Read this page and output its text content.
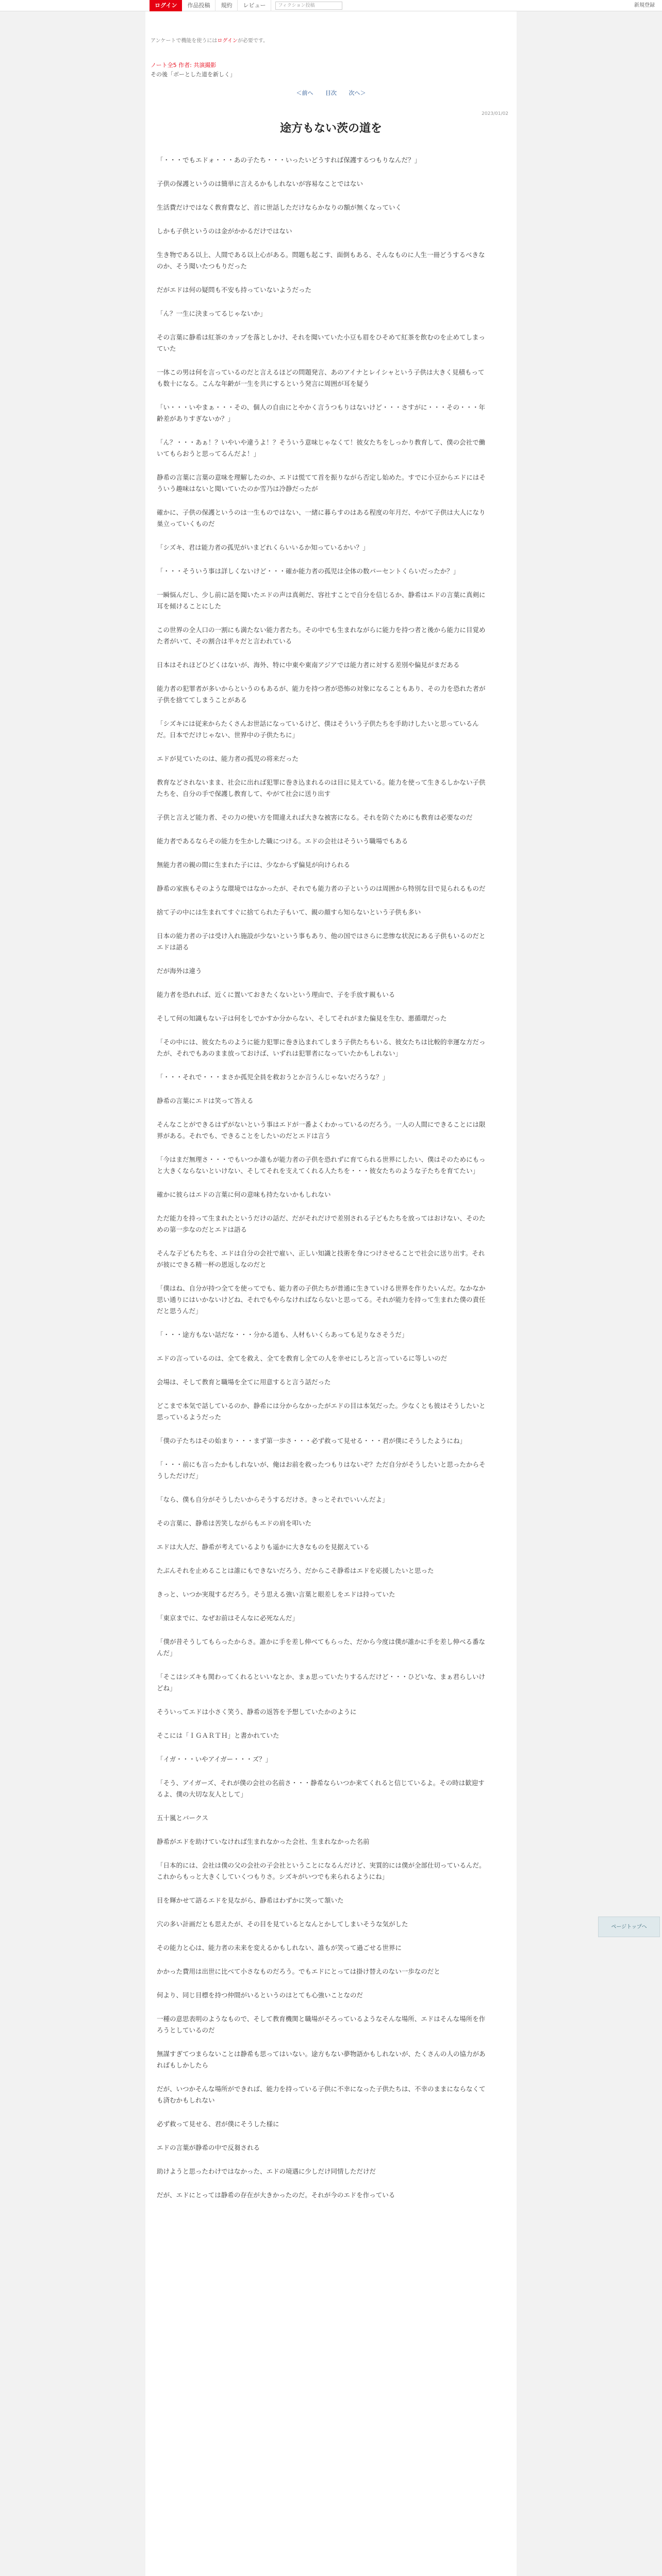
ログイン	作品投稿	規約	レビュー	フィクション投稿	新規登録
アンケートで機能を使うにはログインが必要です。
ノート全5 作者: 共演撮影
その後「ボーとした道を新しく」
＜前へ 目次 次へ＞
2023/01/02
途方もない茨の道を

「・・・でもエドォ・・・あの子たち・・・いったいどうすれば保護するつもりなんだ？」

子供の保護というのは簡単に言えるかもしれないが容易なことではない

生活費だけではなく教育費など、首に世話しただけならかなりの額が無くなっていく

しかも子供というのは金がかかるだけではない

生き物である以上、人間である以上心がある。問題も起こす、面倒もある、そんなものに人生一冊どうするべきなのか、そう聞いたつもりだった

だがエドは何の疑問も不安も持っていないようだった

「ん？一生に決まってるじゃないか」

その言葉に静希は紅茶のカップを落としかけ、それを聞いていた小豆も眉をひそめて紅茶を飲むのを止めてしまっていた

一体この男は何を言っているのだと言えるほどの問題発言、あのアイナとレイシャという子供は大きく見積もっても数十になる。こんな年齢が一生を共にするという発言に周囲が耳を疑う

「い・・・いやまぁ・・・その、個人の自由にとやかく言うつもりはないけど・・・さすがに・・・その・・・年齢差がありすぎないか？」

「ん？・・・あぁ！？いやいや違うよ！？そういう意味じゃなくて！彼女たちをしっかり教育して、僕の会社で働いてもらおうと思ってるんだよ！」

静希の言葉に言葉の意味を理解したのか、エドは慌てて首を振りながら否定し始めた。すでに小豆からエドにはそういう趣味はないと聞いていたのか雪乃は冷静だったが

確かに、子供の保護というのは一生ものではない、一緒に暮らすのはある程度の年月だ、やがて子供は大人になり巣立っていくものだ

「シズキ、君は能力者の孤児がいまどれくらいいるか知っているかい？」

「・・・そういう事は詳しくないけど・・・確か能力者の孤児は全体の数パーセントくらいだったか？」

一瞬悩んだし、少し前に話を聞いたエドの声は真剣だ、容社すことで自分を信じるか、静希はエドの言葉に真剣に耳を傾けることにした

この世界の全人口の一割にも満たない能力者たち。その中でも生まれながらに能力を持つ者と後から能力に目覚めた者がいて、その割合は半々だと言われている

日本はそれほどひどくはないが、海外、特に中東や東南アジアでは能力者に対する差別や偏見がまだある

能力者の犯罪者が多いからというのもあるが、能力を持つ者が恐怖の対象になることもあり、その力を恐れた者が子供を捨ててしまうことがある

「シズキには従来からたくさんお世話になっているけど、僕はそういう子供たちを手助けしたいと思っているんだ。日本でだけじゃない、世界中の子供たちに」

エドが見ていたのは、能力者の孤児の将来だった

教育などされないまま、社会に出れば犯罪に巻き込まれるのは目に見えている。能力を使って生きるしかない子供たちを、自分の手で保護し教育して、やがて社会に送り出す

子供と言えど能力者、その力の使い方を間違えれば大きな被害になる。それを防ぐためにも教育は必要なのだ

能力者であるならその能力を生かした職につける。エドの会社はそういう職場でもある

無能力者の親の間に生まれた子には、少なからず偏見が向けられる

静希の家族もそのような環境ではなかったが、それでも能力者の子というのは周囲から特別な目で見られるものだ

捨て子の中には生まれてすぐに捨てられた子もいて、親の顔すら知らないという子供も多い

日本の能力者の子は受け入れ施設が少ないという事もあり、他の国ではさらに悲惨な状況にある子供もいるのだとエドは語る

だが海外は違う

能力者を恐れれば、近くに置いておきたくないという理由で、子を手放す親もいる

そして何の知識もない子は何をしでかすか分からない、そしてそれがまた偏見を生む、悪循環だった

「その中には、彼女たちのように能力犯罪に巻き込まれてしまう子供たちもいる、彼女たちは比較的幸運な方だったが、それでもあのまま放っておけば、いずれは犯罪者になっていたかもしれない」

「・・・それで・・・まさか孤児全員を救おうとか言うんじゃないだろうな？」

静希の言葉にエドは笑って答える

そんなことができるはずがないという事はエドが一番よくわかっているのだろう。一人の人間にできることには限界がある。それでも、できることをしたいのだとエドは言う

「今はまだ無理さ・・・でもいつか誰もが能力者の子供を恐れずに育てられる世界にしたい、僕はそのためにもっと大きくならないといけない、そしてそれを支えてくれる人たちを・・・彼女たちのような子たちを育てたい」

確かに彼らはエドの言葉に何の意味も持たないかもしれない

ただ能力を持って生まれたというだけの話だ、だがそれだけで差別される子どもたちを放ってはおけない、そのための第一歩なのだとエドは語る

そんな子どもたちを、エドは自分の会社で雇い、正しい知識と技術を身につけさせることで社会に送り出す。それが彼にできる精一杯の恩返しなのだと

「僕はね、自分が持つ全てを使ってでも、能力者の子供たちが普通に生きていける世界を作りたいんだ。なかなか思い通りにはいかないけどね、それでもやらなければならないと思ってる。それが能力を持って生まれた僕の責任だと思うんだ」

「・・・途方もない話だな・・・分かる道も、人材もいくらあっても足りなさそうだ」

エドの言っているのは、全てを救え、全てを教育し全ての人を幸せにしろと言っているに等しいのだ

会場は、そして教育と職場を全てに用意すると言う話だった

どこまで本気で話しているのか、静希には分からなかったがエドの目は本気だった。少なくとも彼はそうしたいと思っているようだった

「僕の子たちはその始まり・・・まず第一歩さ・・・必ず救って見せる・・・君が僕にそうしたようにね」

「・・・前にも言ったかもしれないが、俺はお前を救ったつもりはないぞ？ただ自分がそうしたいと思ったからそうしただけだ」

「なら、僕も自分がそうしたいからそうするだけさ。きっとそれでいいんだよ」

その言葉に、静希は苦笑しながらもエドの肩を叩いた

エドは大人だ、静希が考えているよりも遥かに大きなものを見据えている

たぶんそれを止めることは誰にもできないだろう、だからこそ静希はエドを応援したいと思った

きっと、いつか実現するだろう。そう思える強い言葉と眼差しをエドは持っていた

「東京までに、なぜお前はそんなに必死なんだ」

「僕が昔そうしてもらったからさ。誰かに手を差し伸べてもらった、だから今度は僕が誰かに手を差し伸べる番なんだ」

「そこはシズキも関わってくれるといいなとか、まぁ思っていたりするんだけど・・・ひどいな、まぁ君らしいけどね」

そういってエドは小さく笑う、静希の返答を予想していたかのように

そこには「ＩＧＡＲＴＨ」と書かれていた

「イガ・・・いやアイガー・・・ズ？」

「そう、アイガーズ、それが僕の会社の名前さ・・・静希ならいつか来てくれると信じているよ。その時は歓迎するよ、僕の大切な友人として」

五十嵐とバークス

静希がエドを助けていなければ生まれなかった会社、生まれなかった名前

「日本的には、会社は僕の父の会社の子会社ということになるんだけど、実質的には僕が全部仕切っているんだ。これからもっと大きくしていくつもりさ。シズキがいつでも来られるようにね」

目を輝かせて語るエドを見ながら、静希はわずかに笑って頷いた

穴の多い計画だとも思えたが、その目を見ているとなんとかしてしまいそうな気がした

その能力と心は、能力者の未来を変えるかもしれない、誰もが笑って過ごせる世界に

かかった費用は出世に比べて小さなものだろう。でもエドにとっては掛け替えのない一歩なのだと

何より、同じ目標を持つ仲間がいるというのはとても心強いことなのだ

一種の意思表明のようなもので、そして教育機関と職場がそろっているようなそんな場所、エドはそんな場所を作ろうとしているのだ

無謀すぎてつまらないことは静希も思ってはいない。途方もない夢物語かもしれないが、たくさんの人の協力があればもしかしたら

だが、いつかそんな場所ができれば、能力を持っている子供に不幸になった子供たちは、不幸のままにならなくても済むかもしれない

必ず救って見せる、君が僕にそうした様に

エドの言葉が静希の中で反芻される

助けようと思ったわけではなかった、エドの境遇に少しだけ同情しただけだ

だが、エドにとっては静希の存在が大きかったのだ。それが今のエドを作っている

ページトップへ
